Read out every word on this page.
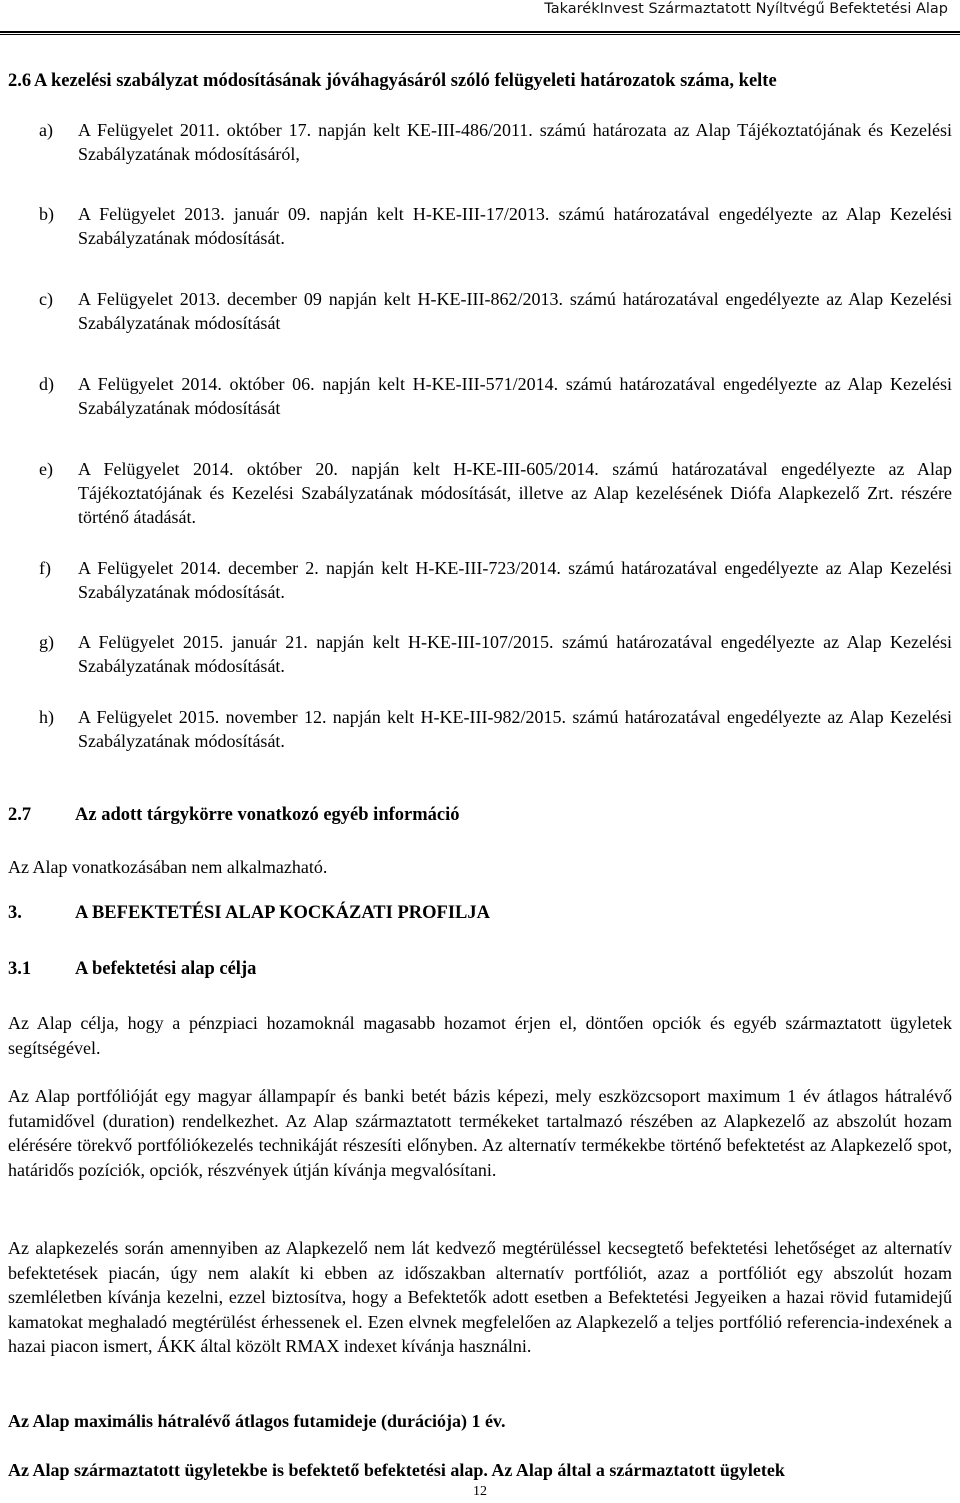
TakarékInvest Származtatott Nyíltvégű Befektetési Alap
2.6 A kezelési szabályzat módosításának jóváhagyásáról szóló felügyeleti határozatok száma, kelte
a) A Felügyelet 2011. október 17. napján kelt KE-III-486/2011. számú határozata az Alap Tájékoztatójának és Kezelési Szabályzatának módosításáról,
b) A Felügyelet 2013. január 09. napján kelt H-KE-III-17/2013. számú határozatával engedélyezte az Alap Kezelési Szabályzatának módosítását.
c) A Felügyelet 2013. december 09 napján kelt H-KE-III-862/2013. számú határozatával engedélyezte az Alap Kezelési Szabályzatának módosítását
d) A Felügyelet 2014. október 06. napján kelt H-KE-III-571/2014. számú határozatával engedélyezte az Alap Kezelési Szabályzatának módosítását
e) A Felügyelet 2014. október 20. napján kelt H-KE-III-605/2014. számú határozatával engedélyezte az Alap Tájékoztatójának és Kezelési Szabályzatának módosítását, illetve az Alap kezelésének Diófa Alapkezelő Zrt. részére történő átadását.
f) A Felügyelet 2014. december 2. napján kelt H-KE-III-723/2014. számú határozatával engedélyezte az Alap Kezelési Szabályzatának módosítását.
g) A Felügyelet 2015. január 21. napján kelt H-KE-III-107/2015. számú határozatával engedélyezte az Alap Kezelési Szabályzatának módosítását.
h) A Felügyelet 2015. november 12. napján kelt H-KE-III-982/2015. számú határozatával engedélyezte az Alap Kezelési Szabályzatának módosítását.
2.7 Az adott tárgykörre vonatkozó egyéb információ
Az Alap vonatkozásában nem alkalmazható.
3.	A BEFEKTETÉSI ALAP KOCKÁZATI PROFILJA
3.1 A befektetési alap célja
Az Alap célja, hogy a pénzpiaci hozamoknál magasabb hozamot érjen el, döntően opciók és egyéb származtatott ügyletek segítségével.
Az Alap portfólióját egy magyar állampapír és banki betét bázis képezi, mely eszközcsoport maximum 1 év átlagos hátralévő futamidővel (duration) rendelkezhet. Az Alap származtatott termékeket tartalmazó részében az Alapkezelő az abszolút hozam elérésére törekvő portfóliókezelés technikáját részesíti előnyben. Az alternatív termékekbe történő befektetést az Alapkezelő spot, határidős pozíciók, opciók, részvények útján kívánja megvalósítani.
Az alapkezelés során amennyiben az Alapkezelő nem lát kedvező megtérüléssel kecsegtető befektetési lehetőséget az alternatív befektetések piacán, úgy nem alakít ki ebben az időszakban alternatív portfóliót, azaz a portfóliót egy abszolút hozam szemléletben kívánja kezelni, ezzel biztosítva, hogy a Befektetők adott esetben a Befektetési Jegyeiken a hazai rövid futamidejű kamatokat meghaladó megtérülést érhessenek el. Ezen elvnek megfelelően az Alapkezelő a teljes portfólió referencia-indexének a hazai piacon ismert, ÁKK által közölt RMAX indexet kívánja használni.
Az Alap maximális hátralévő átlagos futamideje (durációja) 1 év.
Az Alap származtatott ügyletekbe is befektető befektetési alap. Az Alap által a származtatott ügyletek
12
